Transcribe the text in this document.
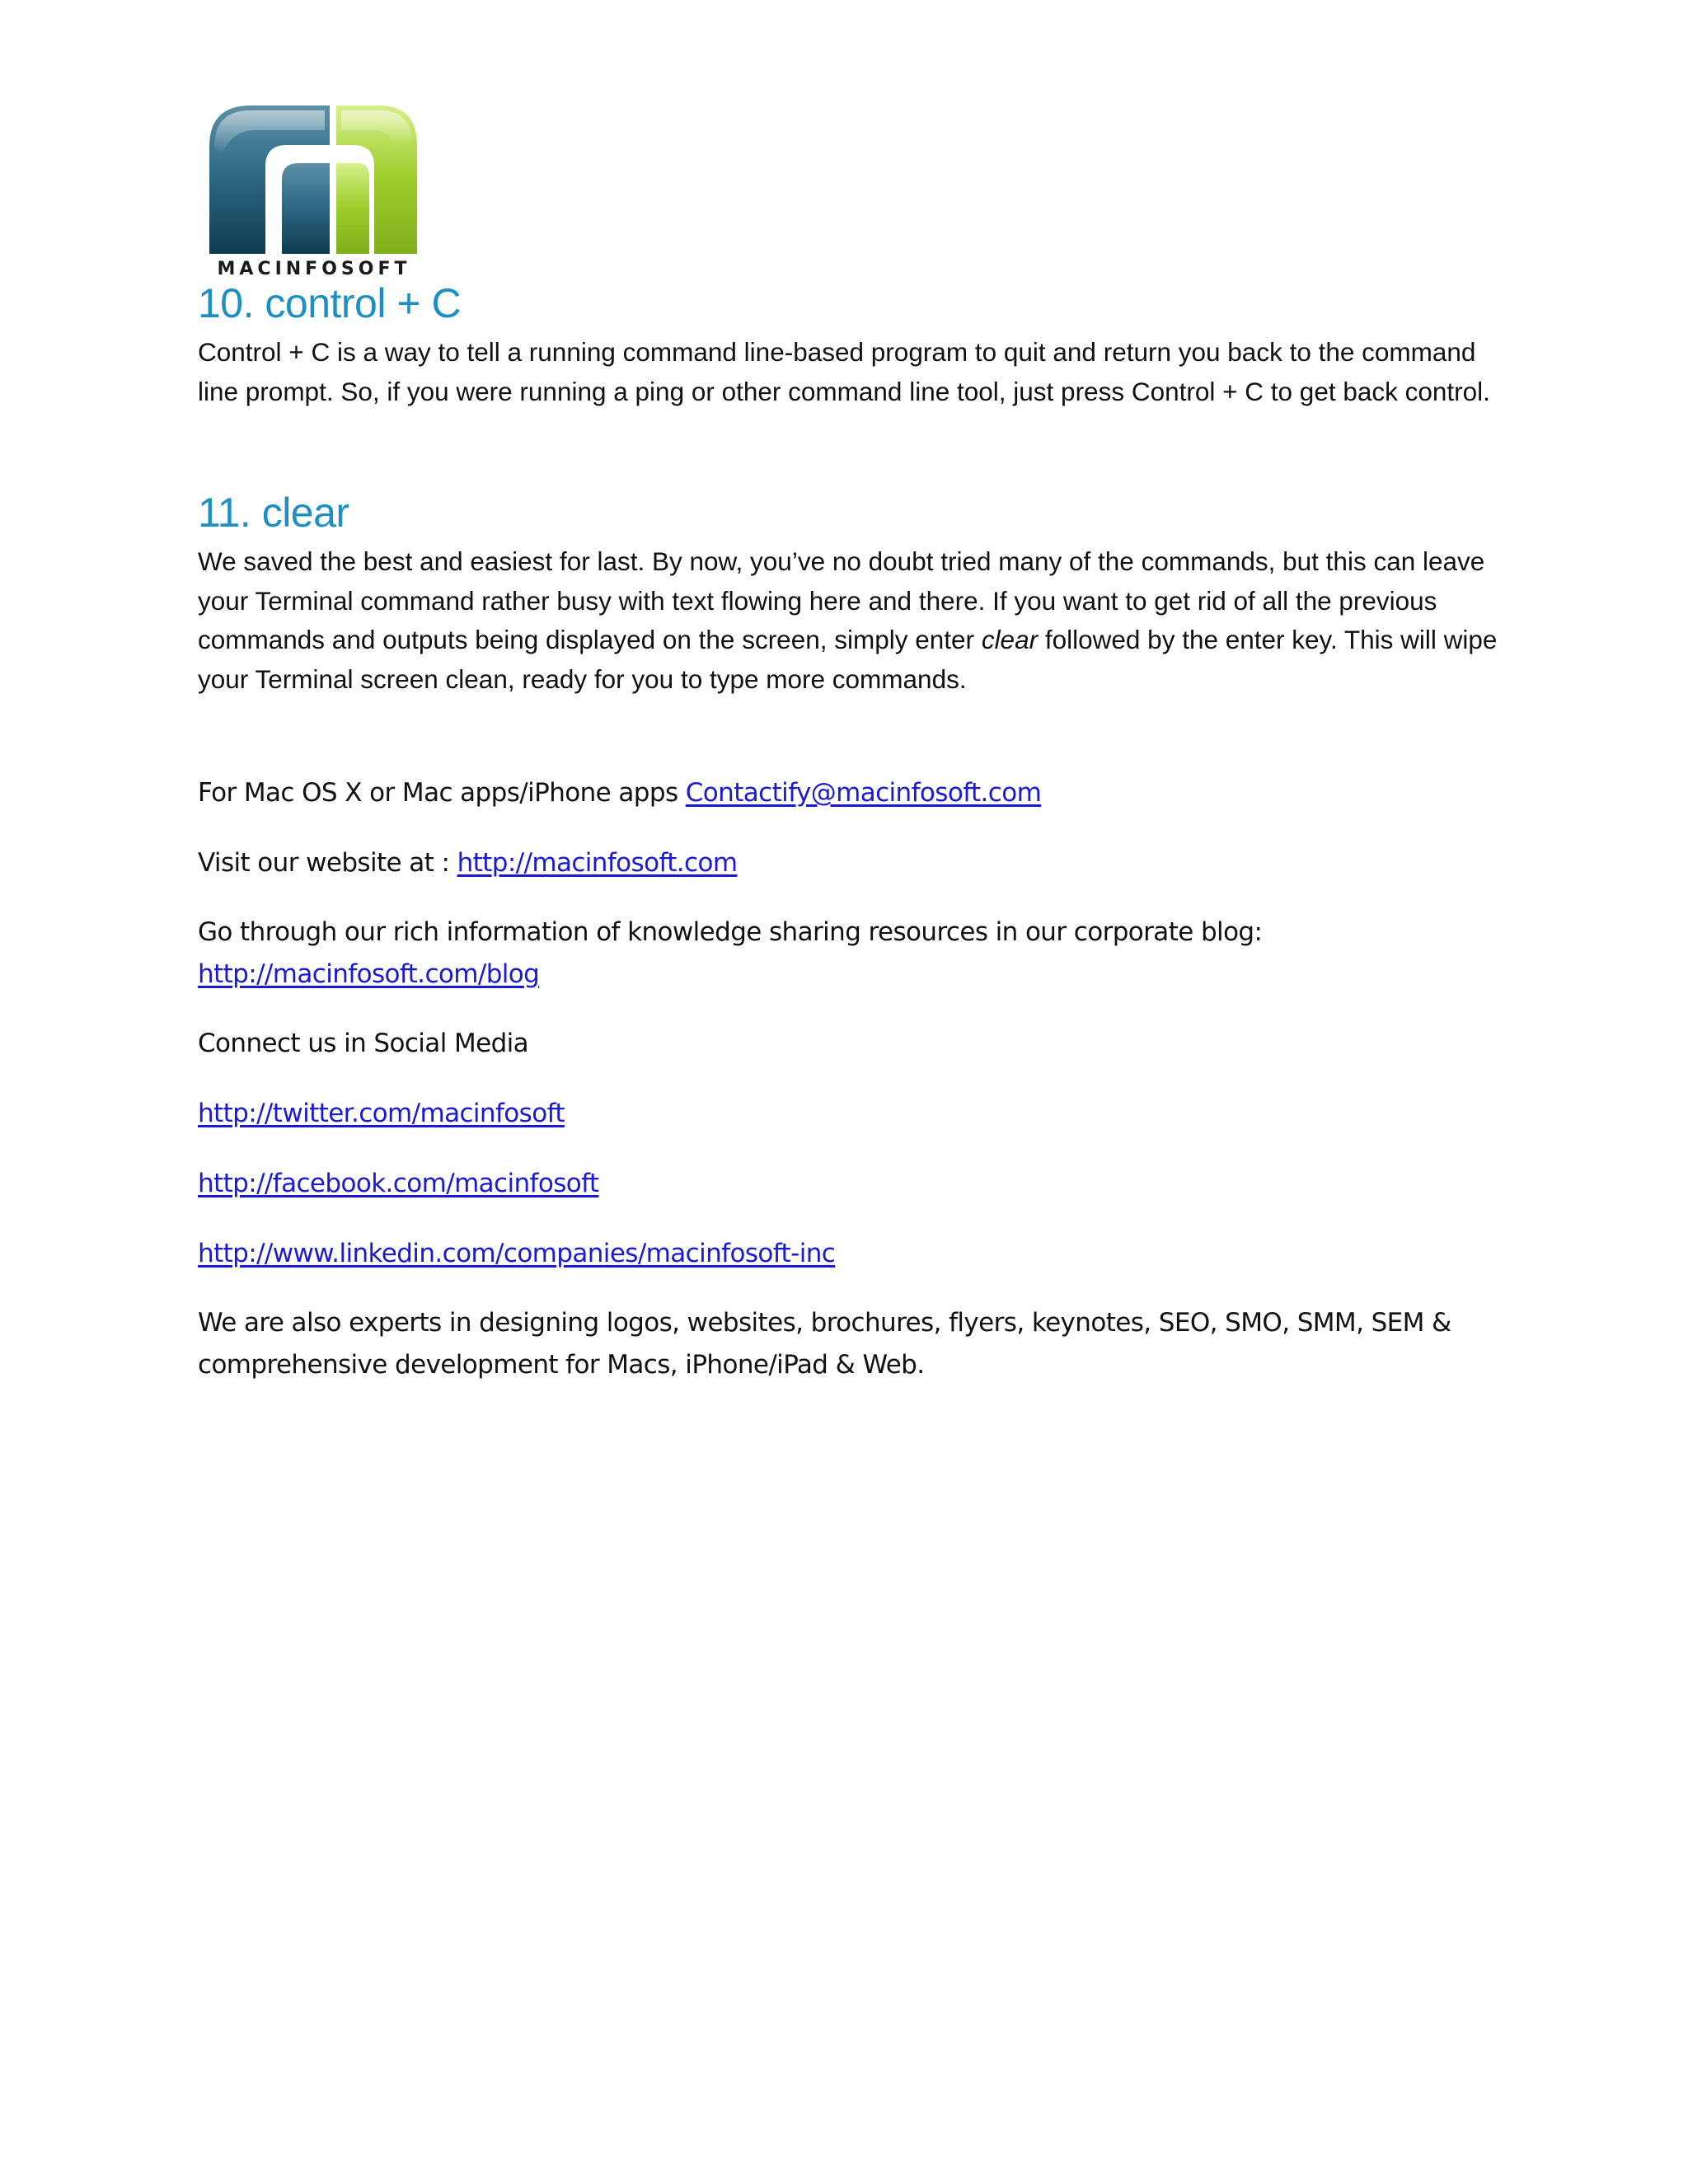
MACINFOSOFT
10. control + C

Control + C is a way to tell a running command line-based program to quit and return you back to the command line prompt. So, if you were running a ping or other command line tool, just press Control + C to get back control.

11. clear

We saved the best and easiest for last. By now, you’ve no doubt tried many of the commands, but this can leave your Terminal command rather busy with text flowing here and there. If you want to get rid of all the previous commands and outputs being displayed on the screen, simply enter clear followed by the enter key. This will wipe your Terminal screen clean, ready for you to type more commands.

For Mac OS X or Mac apps/iPhone apps Contactify@macinfosoft.com
Visit our website at : http://macinfosoft.com
Go through our rich information of knowledge sharing resources in our corporate blog:
http://macinfosoft.com/blog
Connect us in Social Media
http://twitter.com/macinfosoft
http://facebook.com/macinfosoft
http://www.linkedin.com/companies/macinfosoft-inc
We are also experts in designing logos, websites, brochures, flyers, keynotes, SEO, SMO, SMM, SEM &
comprehensive development for Macs, iPhone/iPad & Web.
